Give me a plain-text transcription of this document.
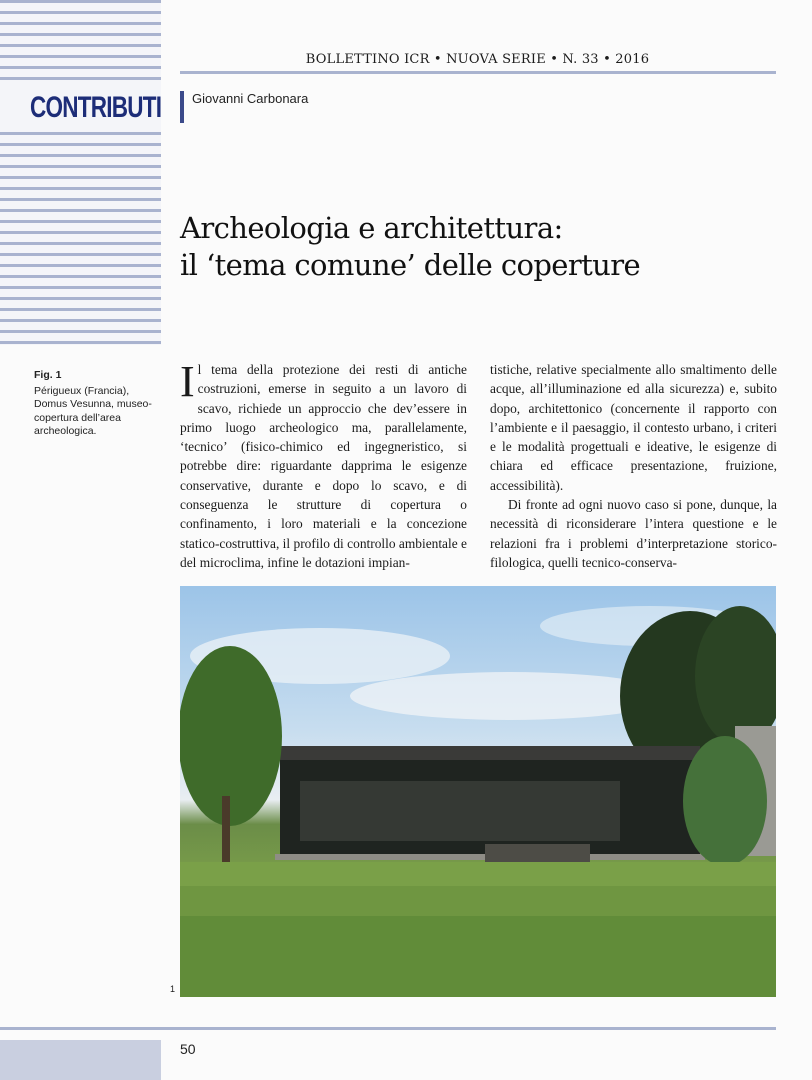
CONTRIBUTI
BOLLETTINO ICR • NUOVA SERIE • N. 33 • 2016
Giovanni Carbonara
Archeologia e architettura:
il ‘tema comune’ delle coperture
Fig. 1
Périgueux (Francia), Domus Vesunna, museo-copertura dell’area archeologica.

Il tema della protezione dei resti di antiche costruzioni, emerse in seguito a un lavoro di scavo, richiede un approccio che dev’essere in primo luogo archeologico ma, parallelamente, ‘tecnico’ (fisico-chimico ed ingegneristico, si potrebbe dire: riguardante dapprima le esigenze conservative, durante e dopo lo scavo, e di conseguenza le strutture di copertura o confinamento, i loro materiali e la concezione statico-costruttiva, il profilo di controllo ambientale e del microclima, infine le dotazioni impian-

tistiche, relative specialmente allo smaltimento delle acque, all’illuminazione ed alla sicurezza) e, subito dopo, architettonico (concernente il rapporto con l’ambiente e il paesaggio, il contesto urbano, i criteri e le modalità progettuali e ideative, le esigenze di chiara ed efficace presentazione, fruizione, accessibilità).

Di fronte ad ogni nuovo caso si pone, dunque, la necessità di riconsiderare l’intera questione e le relazioni fra i problemi d’interpretazione storico-filologica, quelli tecnico-conserva-

1
50
